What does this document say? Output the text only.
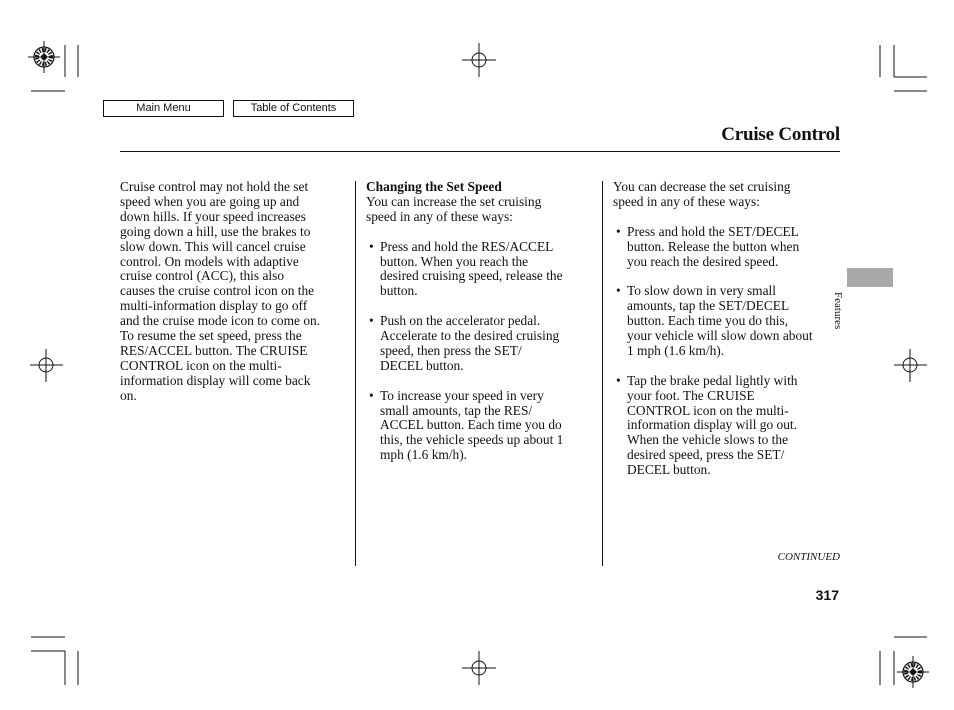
Main Menu	Table of Contents
Cruise Control

Cruise control may not hold the set

speed when you are going up and

down hills. If your speed increases

going down a hill, use the brakes to

slow down. This will cancel cruise

control. On models with adaptive

cruise control (ACC), this also

causes the cruise control icon on the

multi-information display to go off

and the cruise mode icon to come on.

To resume the set speed, press the

RES/ACCEL button. The CRUISE

CONTROL icon on the multi-

information display will come back

on.

Changing the Set Speed

You can increase the set cruising

speed in any of these ways:

• Press and hold the RES/ACCEL

button. When you reach the

desired cruising speed, release the

button.

• Push on the accelerator pedal.

Accelerate to the desired cruising

speed, then press the SET/

DECEL button.

• To increase your speed in very

small amounts, tap the RES/

ACCEL button. Each time you do

this, the vehicle speeds up about 1

mph (1.6 km/h).

You can decrease the set cruising

speed in any of these ways:

• Press and hold the SET/DECEL

button. Release the button when

you reach the desired speed.

• To slow down in very small

amounts, tap the SET/DECEL

button. Each time you do this,

your vehicle will slow down about

1 mph (1.6 km/h).

• Tap the brake pedal lightly with

your foot. The CRUISE

CONTROL icon on the multi-

information display will go out.

When the vehicle slows to the

desired speed, press the SET/

DECEL button.

Features
CONTINUED
317
